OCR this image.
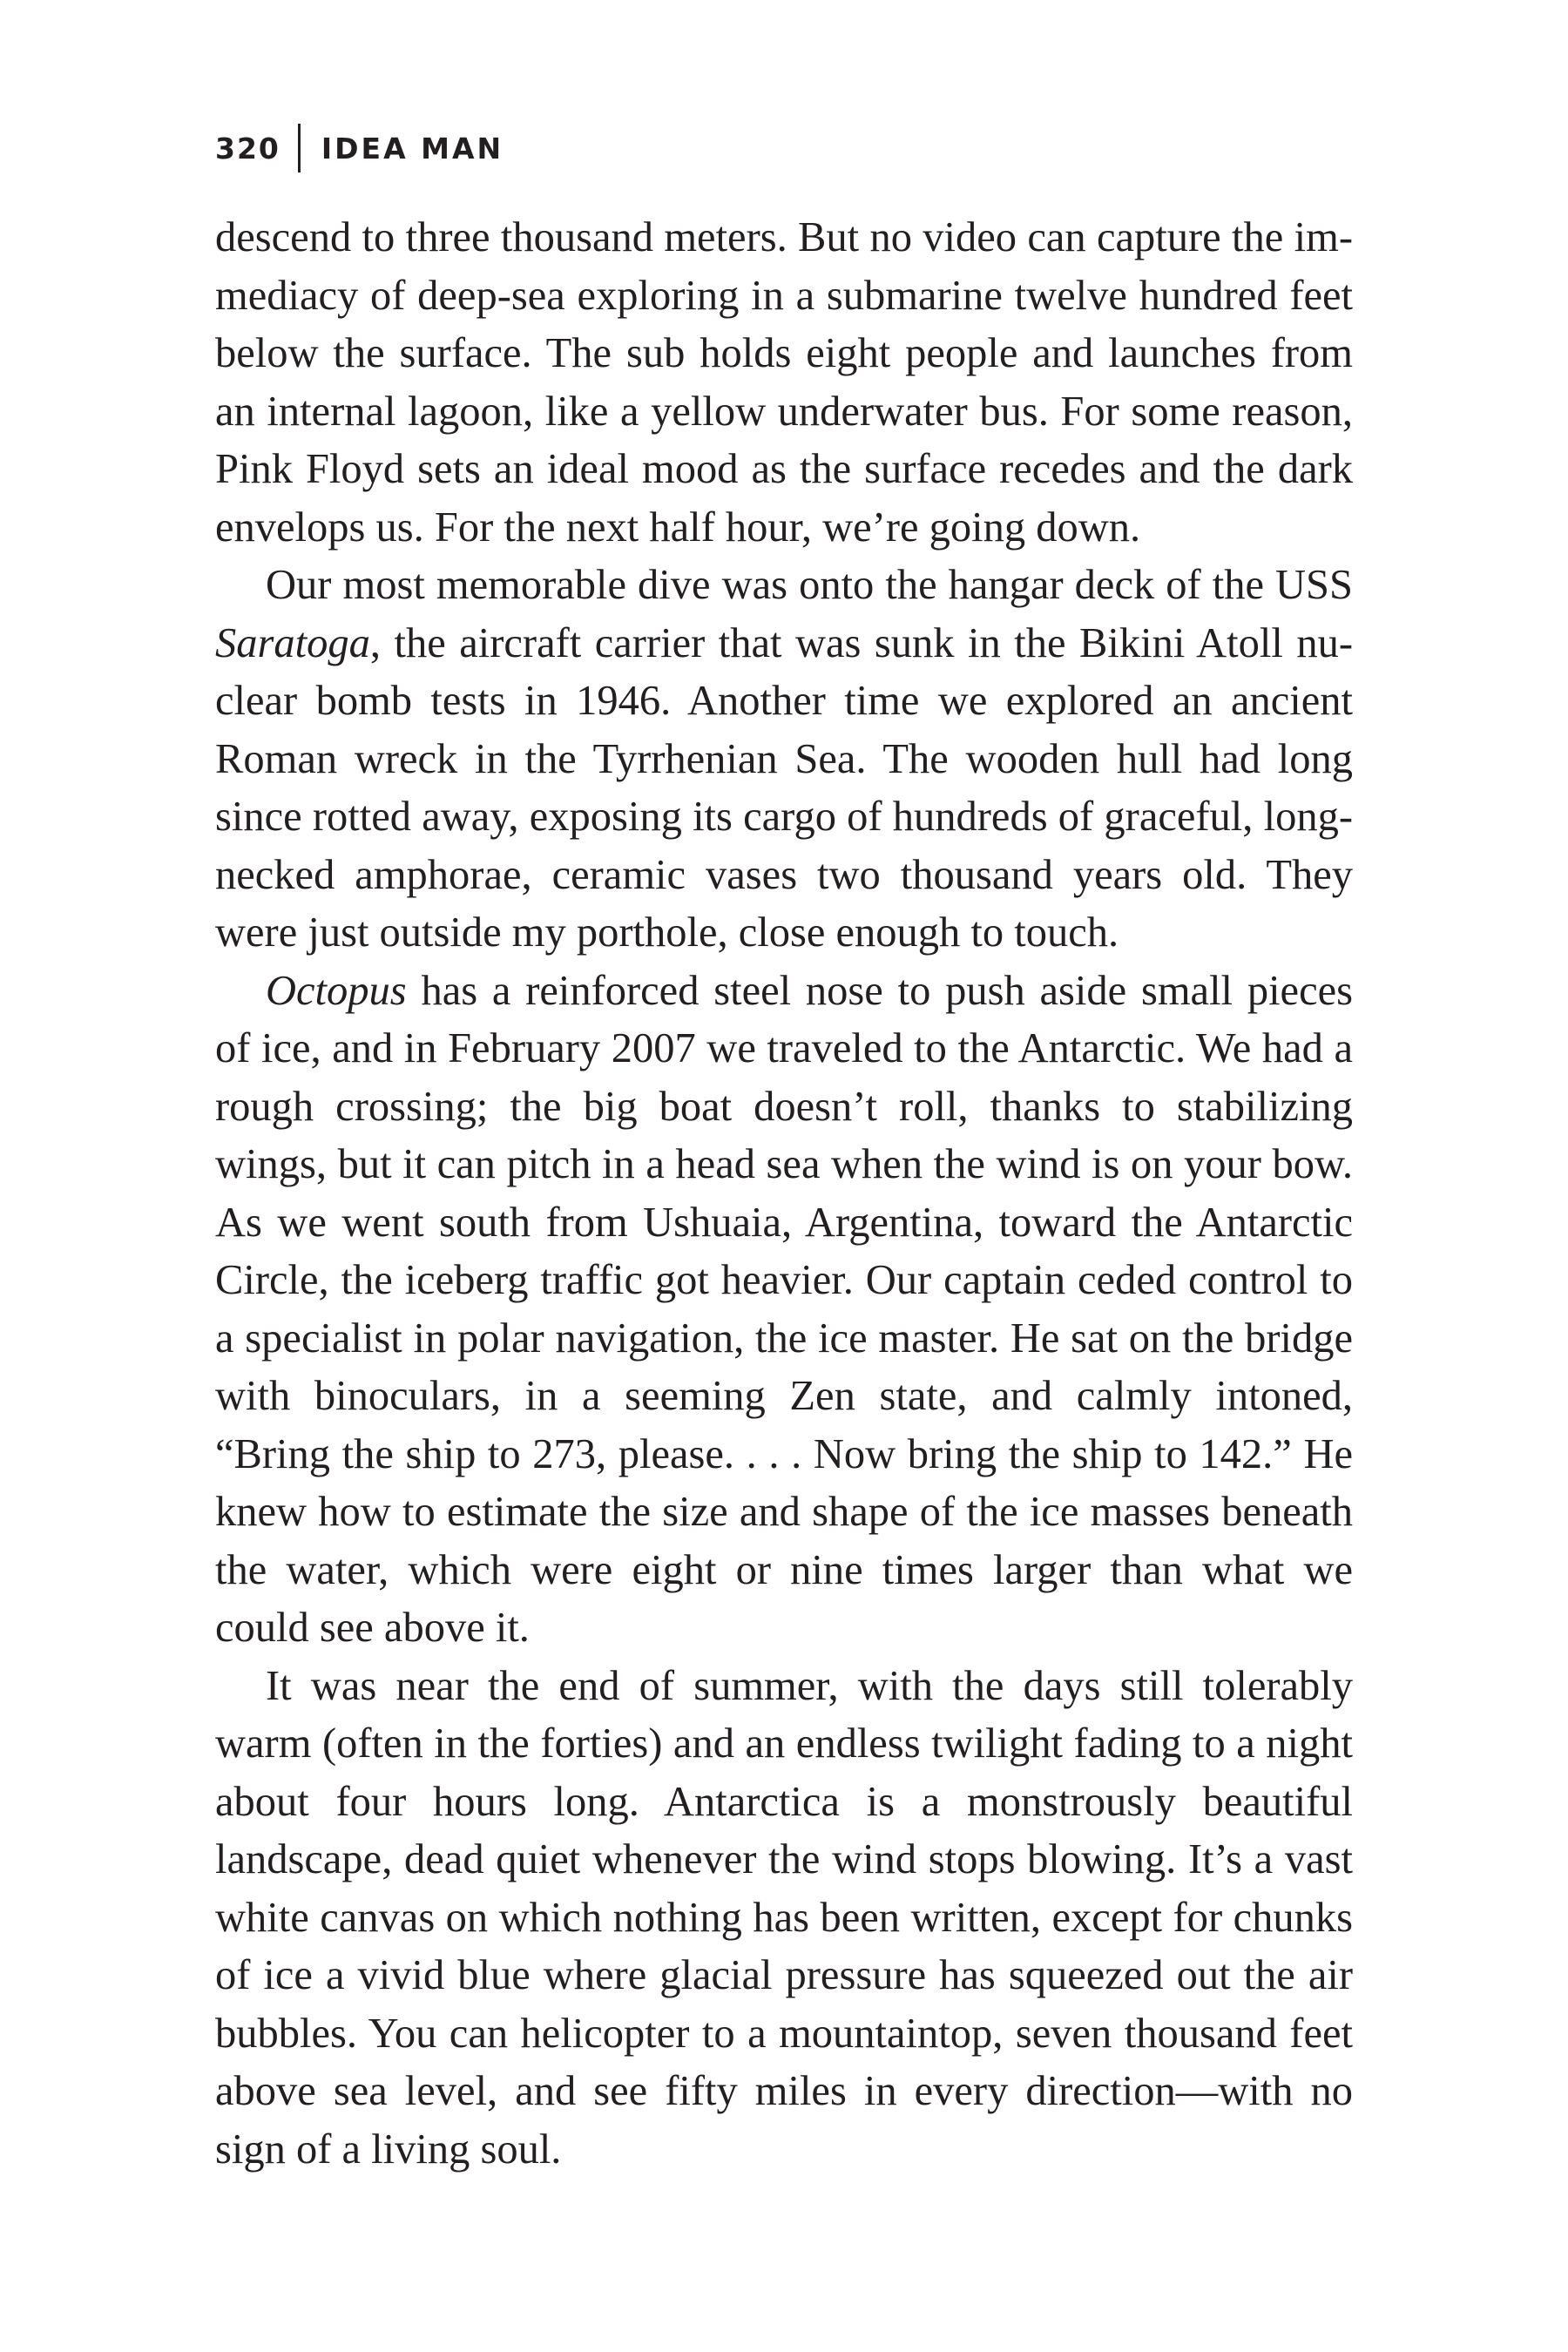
320 IDEA MAN

descend to three thousand meters. But no video can capture the immediacy of deep-sea exploring in a submarine twelve hundred feet below the surface. The sub holds eight people and launches from an internal lagoon, like a yellow underwater bus. For some reason, Pink Floyd sets an ideal mood as the surface recedes and the dark envelops us. For the next half hour, we’re going down.

Our most memorable dive was onto the hangar deck of the USS Saratoga, the aircraft carrier that was sunk in the Bikini Atoll nuclear bomb tests in 1946. Another time we explored an ancient Roman wreck in the Tyrrhenian Sea. The wooden hull had long since rotted away, exposing its cargo of hundreds of graceful, long-necked amphorae, ceramic vases two thousand years old. They were just outside my porthole, close enough to touch.

Octopus has a reinforced steel nose to push aside small pieces of ice, and in February 2007 we traveled to the Antarctic. We had a rough crossing; the big boat doesn’t roll, thanks to stabilizing wings, but it can pitch in a head sea when the wind is on your bow. As we went south from Ushuaia, Argentina, toward the Antarctic Circle, the iceberg traffic got heavier. Our captain ceded control to a specialist in polar navigation, the ice master. He sat on the bridge with binoculars, in a seeming Zen state, and calmly intoned, “Bring the ship to 273, please. . . . Now bring the ship to 142.” He knew how to estimate the size and shape of the ice masses beneath the water, which were eight or nine times larger than what we could see above it.

It was near the end of summer, with the days still tolerably warm (often in the forties) and an endless twilight fading to a night about four hours long. Antarctica is a monstrously beautiful landscape, dead quiet whenever the wind stops blowing. It’s a vast white canvas on which nothing has been written, except for chunks of ice a vivid blue where glacial pressure has squeezed out the air bubbles. You can helicopter to a mountaintop, seven thousand feet above sea level, and see fifty miles in every direction—with no sign of a living soul.
